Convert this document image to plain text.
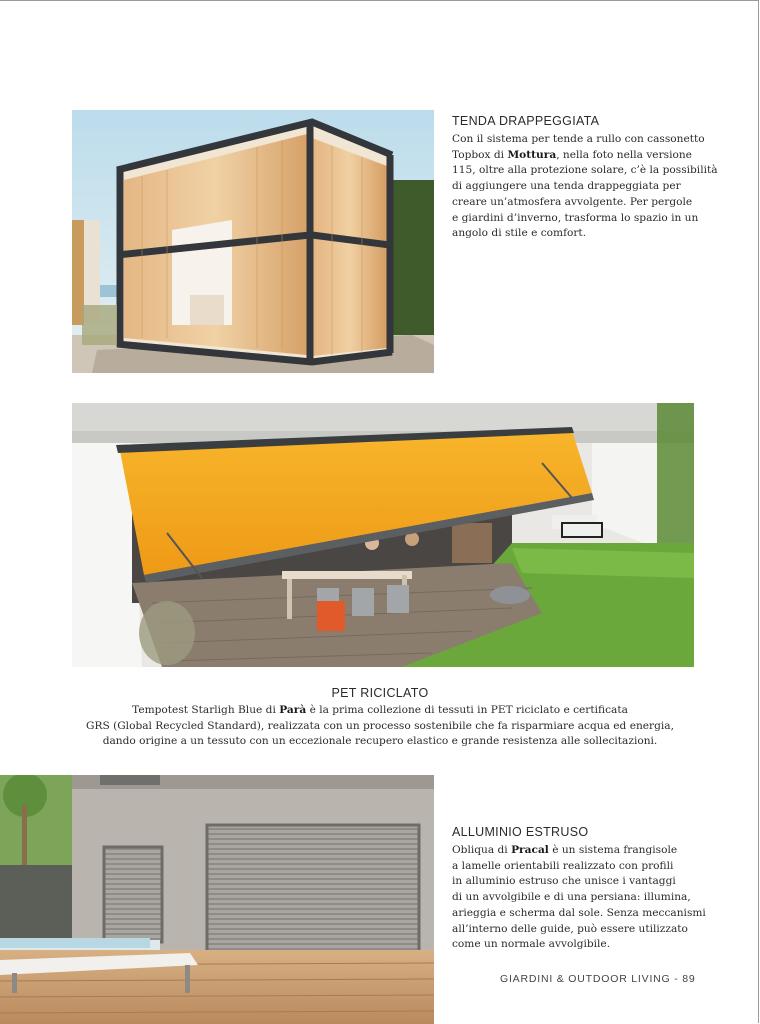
TENDA DRAPPEGGIATA

Con il sistema per tende a rullo con cassonetto

Topbox di Mottura, nella foto nella versione

115, oltre alla protezione solare, c’è la possibilità

di aggiungere una tenda drappeggiata per

creare un’atmosfera avvolgente. Per pergole

e giardini d’inverno, trasforma lo spazio in un

angolo di stile e comfort.

PET RICICLATO

Tempotest Starligh Blue di Parà è la prima collezione di tessuti in PET riciclato e certificata

GRS (Global Recycled Standard), realizzata con un processo sostenibile che fa risparmiare acqua ed energia,

dando origine a un tessuto con un eccezionale recupero elastico e grande resistenza alle sollecitazioni.

ALLUMINIO ESTRUSO

Obliqua di Pracal è un sistema frangisole

a lamelle orientabili realizzato con profili

in alluminio estruso che unisce i vantaggi

di un avvolgibile e di una persiana: illumina,

arieggia e scherma dal sole. Senza meccanismi

all’interno delle guide, può essere utilizzato

come un normale avvolgibile.

GIARDINI & OUTDOOR LIVING - 89
